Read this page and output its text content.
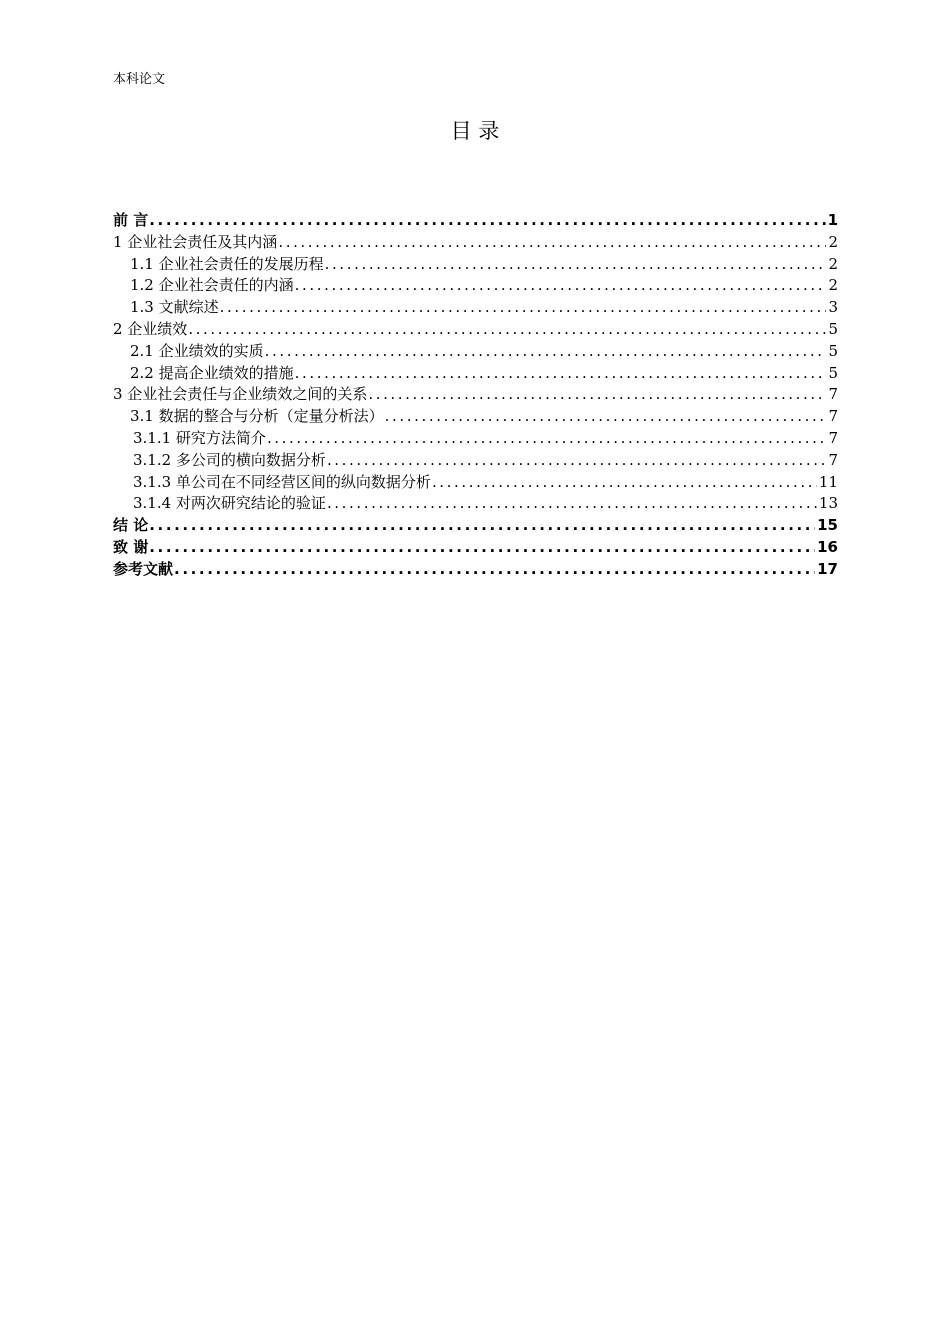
本科论文
目 录
前 言 .....	1
1 企业社会责任及其内涵 .....	2
1.1 企业社会责任的发展历程 .....	2
1.2 企业社会责任的内涵 .....	2
1.3 文献综述 .....	3
2 企业绩效 .....	5
2.1 企业绩效的实质 .....	5
2.2 提高企业绩效的措施 .....	5
3 企业社会责任与企业绩效之间的关系 .....	7
3.1 数据的整合与分析（定量分析法） .....	7
3.1.1 研究方法简介 .....	7
3.1.2 多公司的横向数据分析 .....	7
3.1.3 单公司在不同经营区间的纵向数据分析 .....	11
3.1.4 对两次研究结论的验证 .....	13
结 论 .....	15
致 谢 .....	16
参考文献 .....	17
